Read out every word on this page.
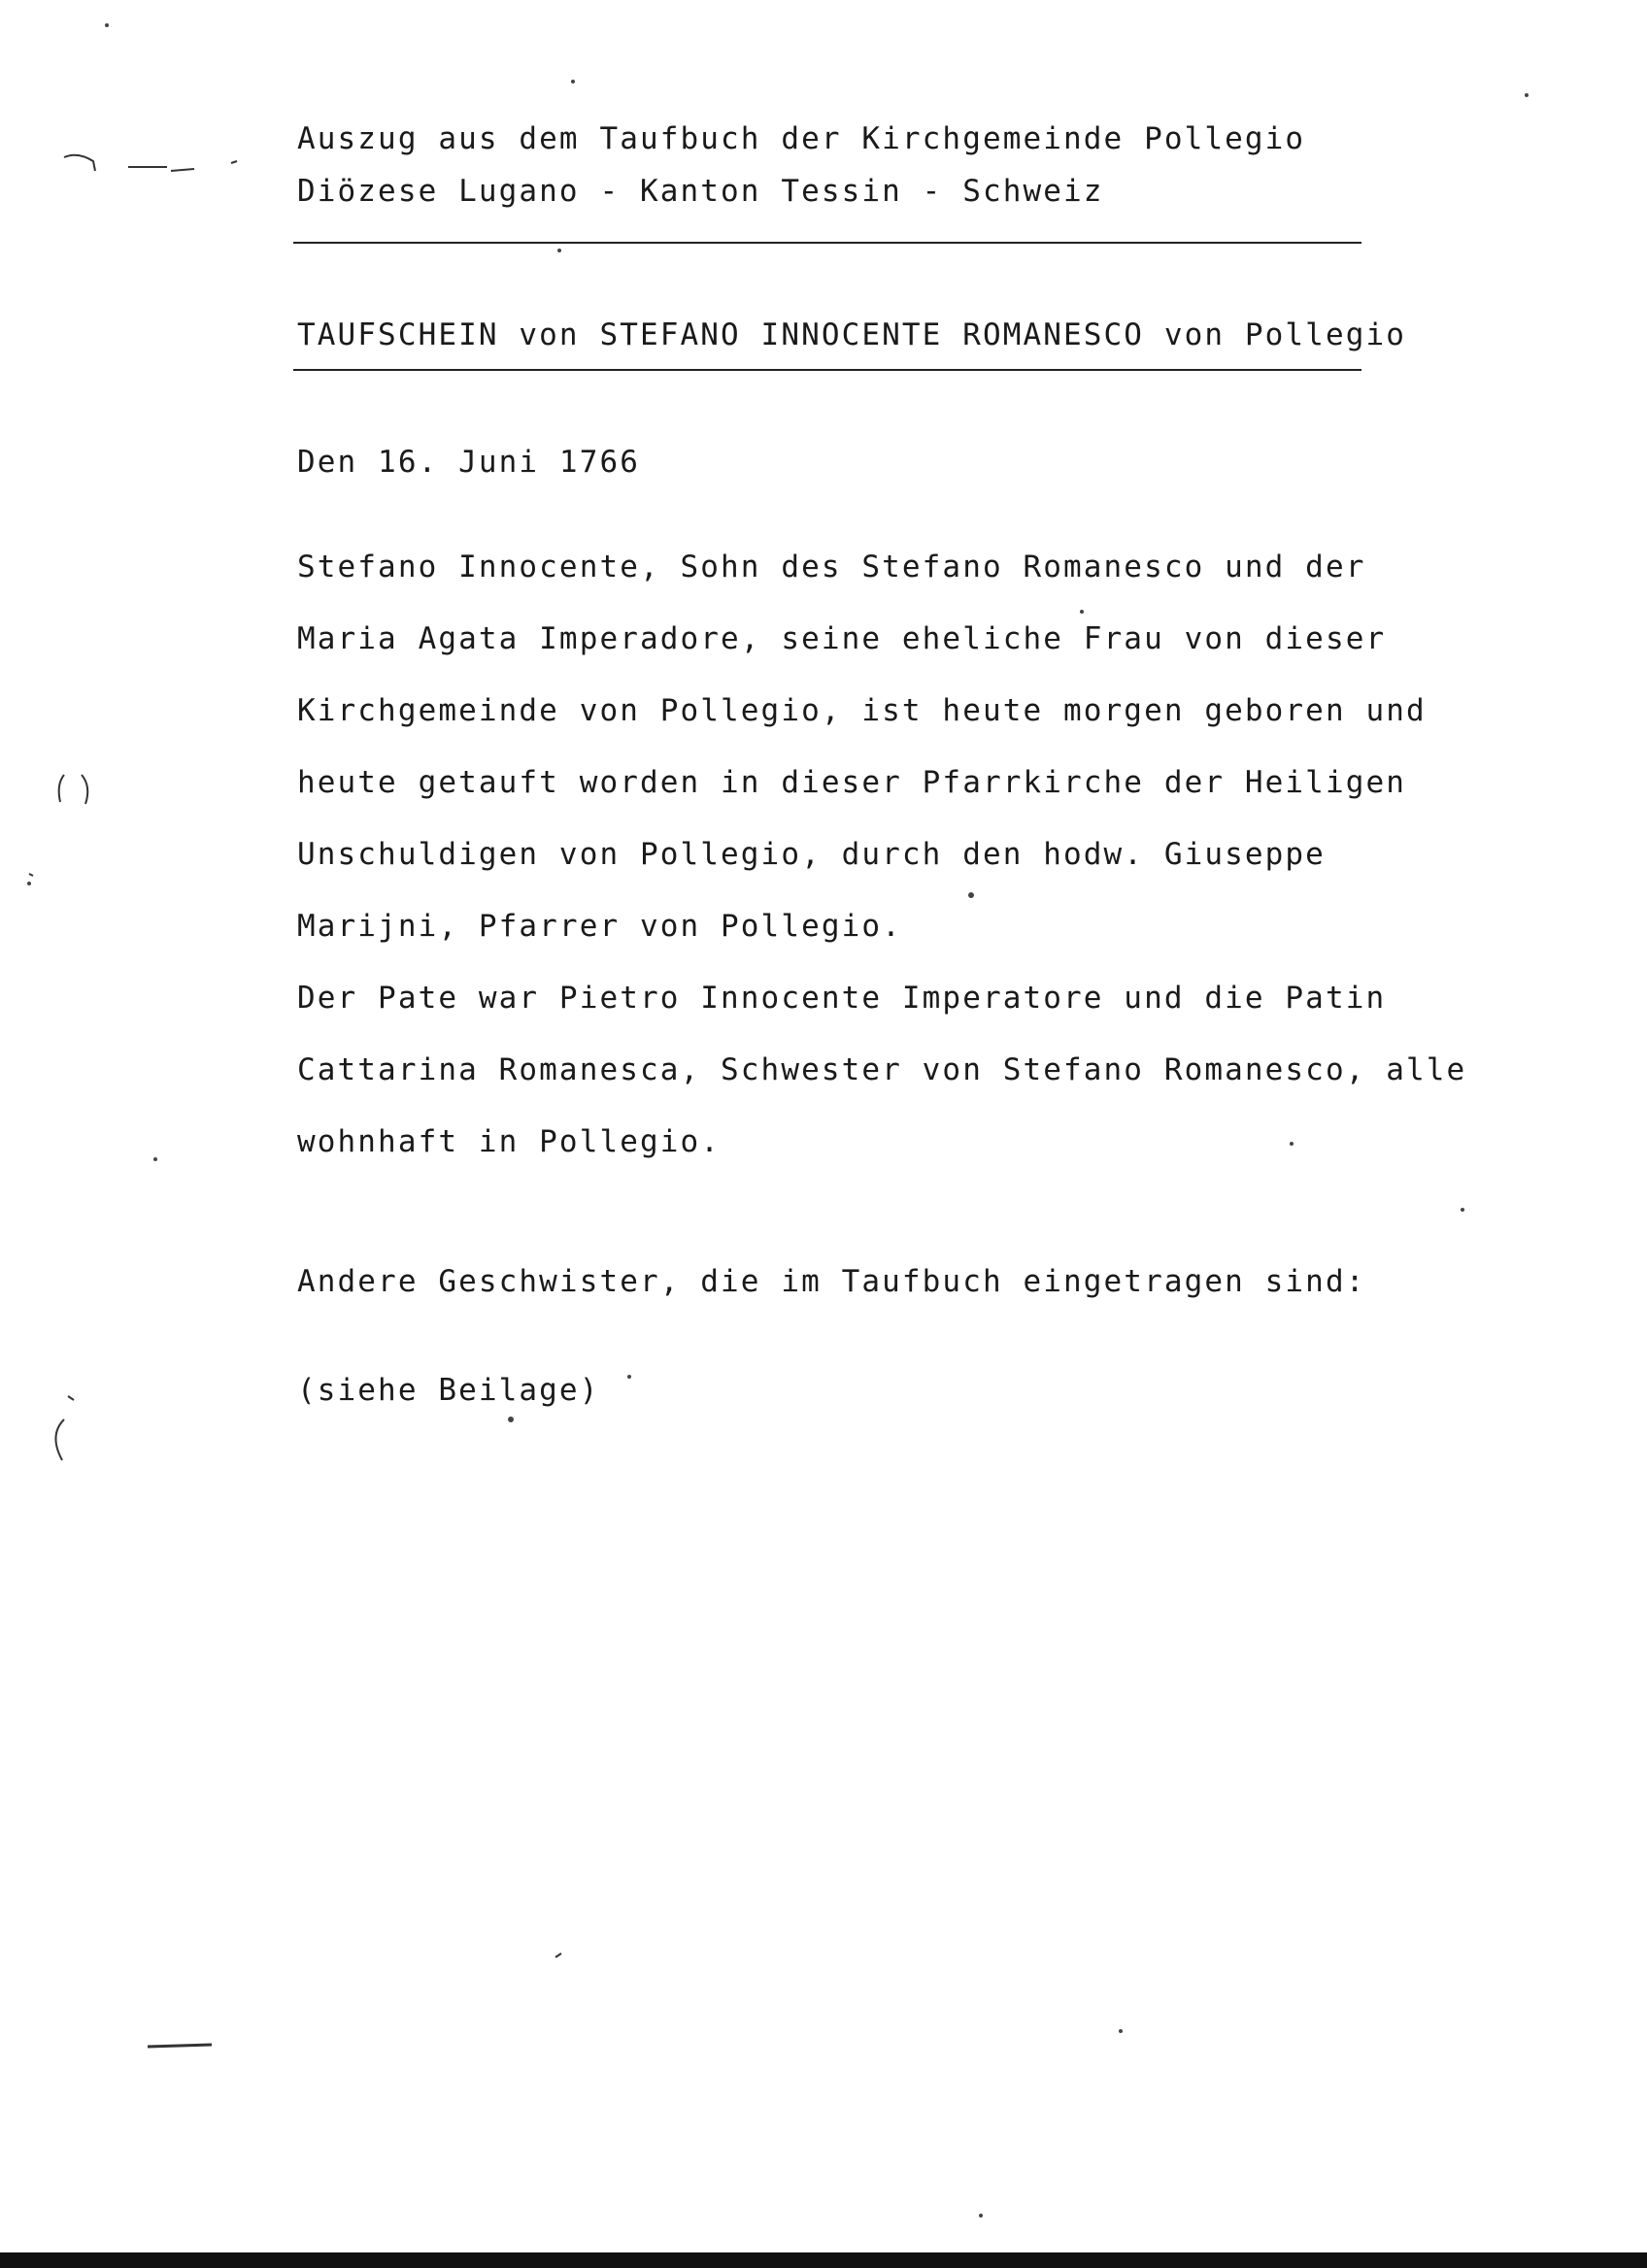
Auszug aus dem Taufbuch der Kirchgemeinde Pollegio
Diözese Lugano - Kanton Tessin - Schweiz
TAUFSCHEIN von STEFANO INNOCENTE ROMANESCO von Pollegio
Den 16. Juni 1766
Stefano Innocente, Sohn des Stefano Romanesco und der
Maria Agata Imperadore, seine eheliche Frau von dieser
Kirchgemeinde von Pollegio, ist heute morgen geboren und
heute getauft worden in dieser Pfarrkirche der Heiligen
Unschuldigen von Pollegio, durch den hodw. Giuseppe
Marijni, Pfarrer von Pollegio.
Der Pate war Pietro Innocente Imperatore und die Patin
Cattarina Romanesca, Schwester von Stefano Romanesco, alle
wohnhaft in Pollegio.
Andere Geschwister, die im Taufbuch eingetragen sind:
(siehe Beilage)
